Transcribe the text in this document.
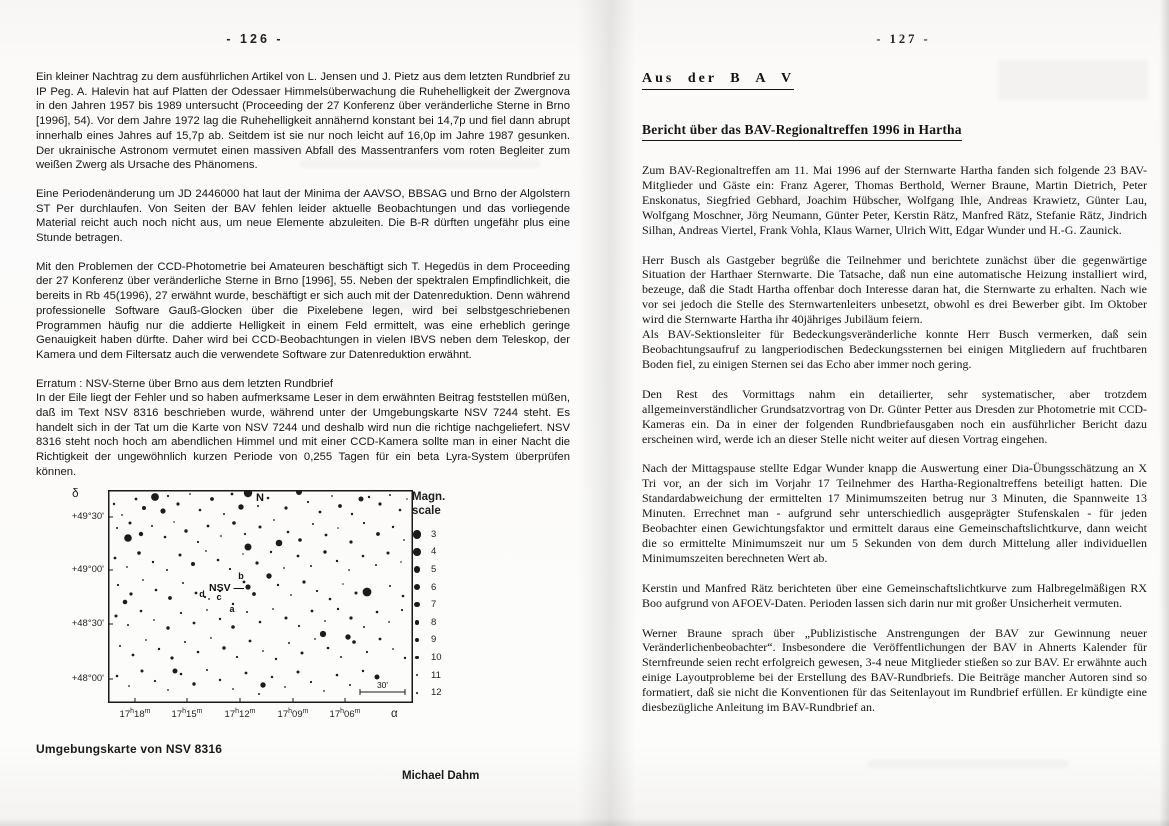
- 126 -

Ein kleiner Nachtrag zu dem ausführlichen Artikel von L. Jensen und J. Pietz aus dem letzten Rundbrief zu IP Peg. A. Halevin hat auf Platten der Odessaer Himmelsüberwachung die Ruhehelligkeit der Zwergnova in den Jahren 1957 bis 1989 untersucht (Proceeding der 27 Konferenz über veränderliche Sterne in Brno [1996], 54). Vor dem Jahre 1972 lag die Ruhehelligkeit annähernd konstant bei 14,7p und fiel dann abrupt innerhalb eines Jahres auf 15,7p ab. Seitdem ist sie nur noch leicht auf 16,0p im Jahre 1987 gesunken. Der ukrainische Astronom vermutet einen massiven Abfall des Massentranfers vom roten Begleiter zum weißen Zwerg als Ursache des Phänomens.

Eine Periodenänderung um JD 2446000 hat laut der Minima der AAVSO, BBSAG und Brno der Algolstern ST Per durchlaufen. Von Seiten der BAV fehlen leider aktuelle Beobachtungen und das vorliegende Material reicht auch noch nicht aus, um neue Elemente abzuleiten. Die B-R dürften ungefähr plus eine Stunde betragen.

Mit den Problemen der CCD-Photometrie bei Amateuren beschäftigt sich T. Hegedüs in dem Proceeding der 27 Konferenz über veränderliche Sterne in Brno [1996], 55. Neben der spektralen Empfindlichkeit, die bereits in Rb 45(1996), 27 erwähnt wurde, beschäftigt er sich auch mit der Datenreduktion. Denn während professionelle Software Gauß-Glocken über die Pixelebene legen, wird bei selbstgeschriebenen Programmen häufig nur die addierte Helligkeit in einem Feld ermittelt, was eine erheblich geringe Genauigkeit haben dürfte. Daher wird bei CCD-Beobachtungen in vielen IBVS neben dem Teleskop, der Kamera und dem Filtersatz auch die verwendete Software zur Datenreduktion erwähnt.

Erratum : NSV-Sterne über Brno aus dem letzten Rundbrief

In der Eile liegt der Fehler und so haben aufmerksame Leser in dem erwähnten Beitrag feststellen müßen, daß im Text NSV 8316 beschrieben wurde, während unter der Umgebungskarte NSV 7244 steht. Es handelt sich in der Tat um die Karte von NSV 7244 und deshalb wird nun die richtige nachgeliefert. NSV 8316 steht noch hoch am abendlichen Himmel und mit einer CCD-Kamera sollte man in einer Nacht die Richtigkeit der ungewöhnlich kurzen Periode von 0,255 Tagen für ein beta Lyra-System überprüfen können.

δ
+49°30'
+49°00'
+48°30'
+48°00'
N
NSV —
b
c
d
a
30'
17$^h$18$^m$	17$^h$15$^m$	17$^h$12$^m$	17$^h$09$^m$	17$^h$06$^m$	α
Magn.
scale
3
4
5
6
7
8
9
10
11
12
Umgebungskarte von NSV 8316
Michael Dahm
- 127 -
Aus der B A V
Bericht über das BAV-Regionaltreffen 1996 in Hartha

Zum BAV-Regionaltreffen am 11. Mai 1996 auf der Sternwarte Hartha fanden sich folgende 23 BAV-Mitglieder und Gäste ein: Franz Agerer, Thomas Berthold, Werner Braune, Martin Dietrich, Peter Enskonatus, Siegfried Gebhard, Joachim Hübscher, Wolfgang Ihle, Andreas Krawietz, Günter Lau, Wolfgang Moschner, Jörg Neumann, Günter Peter, Kerstin Rätz, Manfred Rätz, Stefanie Rätz, Jindrich Silhan, Andreas Viertel, Frank Vohla, Klaus Warner, Ulrich Witt, Edgar Wunder und H.-G. Zaunick.

Herr Busch als Gastgeber begrüße die Teilnehmer und berichtete zunächst über die gegenwärtige Situation der Harthaer Sternwarte. Die Tatsache, daß nun eine automatische Heizung installiert wird, bezeuge, daß die Stadt Hartha offenbar doch Interesse daran hat, die Sternwarte zu erhalten. Nach wie vor sei jedoch die Stelle des Sternwartenleiters unbesetzt, obwohl es drei Bewerber gibt. Im Oktober wird die Sternwarte Hartha ihr 40jähriges Jubiläum feiern.

Als BAV-Sektionsleiter für Bedeckungsveränderliche konnte Herr Busch vermerken, daß sein Beobachtungsaufruf zu langperiodischen Bedeckungssternen bei einigen Mitgliedern auf fruchtbaren Boden fiel, zu einigen Sternen sei das Echo aber immer noch gering.

Den Rest des Vormittags nahm ein detailierter, sehr systematischer, aber trotzdem allgemeinverständlicher Grundsatzvortrag von Dr. Günter Petter aus Dresden zur Photometrie mit CCD-Kameras ein. Da in einer der folgenden Rundbriefausgaben noch ein ausführlicher Bericht dazu erscheinen wird, werde ich an dieser Stelle nicht weiter auf diesen Vortrag eingehen.

Nach der Mittagspause stellte Edgar Wunder knapp die Auswertung einer Dia-Übungsschätzung an X Tri vor, an der sich im Vorjahr 17 Teilnehmer des Hartha-Regionaltreffens beteiligt hatten. Die Standardabweichung der ermittelten 17 Minimumszeiten betrug nur 3 Minuten, die Spannweite 13 Minuten. Errechnet man - aufgrund sehr unterschiedlich ausgeprägter Stufenskalen - für jeden Beobachter einen Gewichtungsfaktor und ermittelt daraus eine Gemeinschaftslichtkurve, dann weicht die so ermittelte Minimumszeit nur um 5 Sekunden von dem durch Mittelung aller individuellen Minimumszeiten berechneten Wert ab.

Kerstin und Manfred Rätz berichteten über eine Gemeinschaftslichtkurve zum Halbregelmäßigen RX Boo aufgrund von AFOEV-Daten. Perioden lassen sich darin nur mit großer Unsicherheit vermuten.

Werner Braune sprach über „Publizistische Anstrengungen der BAV zur Gewinnung neuer Veränderlichenbeobachter“. Insbesondere die Veröffentlichungen der BAV in Ahnerts Kalender für Sternfreunde seien recht erfolgreich gewesen, 3-4 neue Mitglieder stießen so zur BAV. Er erwähnte auch einige Layoutprobleme bei der Erstellung des BAV-Rundbriefs. Die Beiträge mancher Autoren sind so formatiert, daß sie nicht die Konventionen für das Seitenlayout im Rundbrief erfüllen. Er kündigte eine diesbezügliche Anleitung im BAV-Rundbrief an.
